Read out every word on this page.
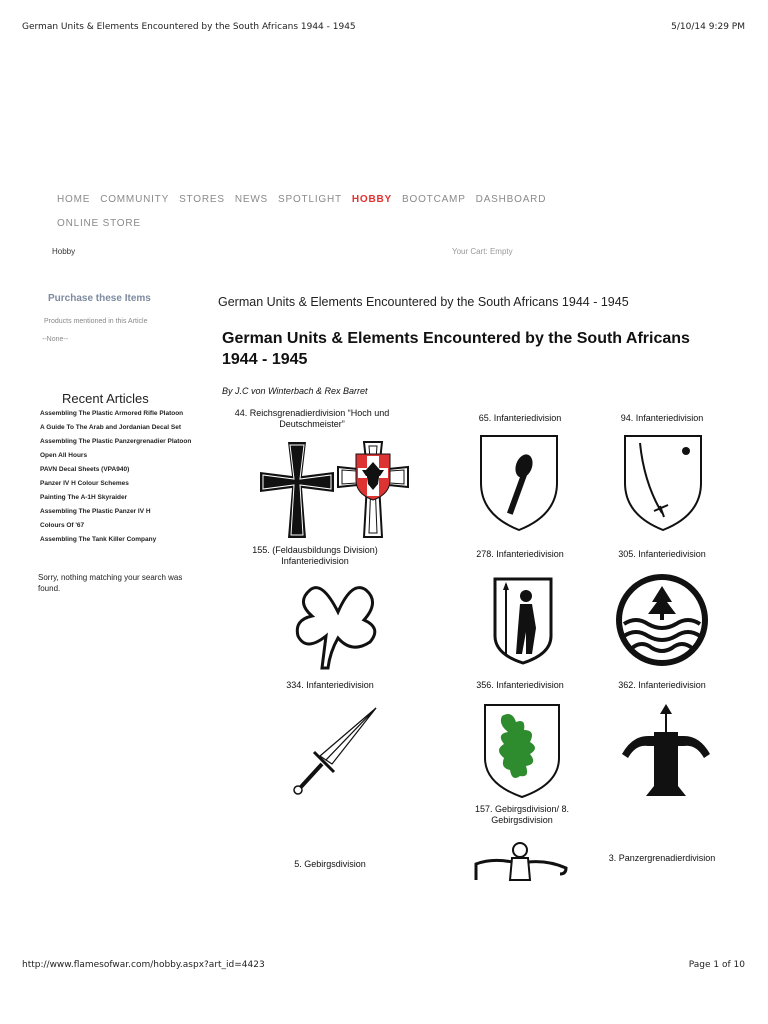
German Units & Elements Encountered by the South Africans 1944 - 1945	5/10/14 9:29 PM
HOME COMMUNITY STORES NEWS SPOTLIGHT HOBBY BOOTCAMP DASHBOARD
ONLINE STORE
Hobby	Your Cart: Empty
Purchase these Items
Products mentioned in this Article
--None--
Recent Articles
Assembling The Plastic Armored Rifle Platoon
A Guide To The Arab and Jordanian Decal Set
Assembling The Plastic Panzergrenadier Platoon
Open All Hours
PAVN Decal Sheets (VPA940)
Panzer IV H Colour Schemes
Painting The A-1H Skyraider
Assembling The Plastic Panzer IV H
Colours Of '67
Assembling The Tank Killer Company
Sorry, nothing matching your search was found.
German Units & Elements Encountered by the South Africans 1944 - 1945
German Units & Elements Encountered by the South Africans
1944 - 1945
By J.C von Winterbach & Rex Barret
44. Reichsgrenadierdivision “Hoch und Deutschmeister”
65. Infanteriedivision	94. Infanteriedivision
155. (Feldausbildungs Division) Infanteriedivision
278. Infanteriedivision	305. Infanteriedivision
334. Infanteriedivision	356. Infanteriedivision	362. Infanteriedivision
157. Gebirgsdivision/ 8. Gebirgsdivision
5. Gebirgsdivision
3. Panzergrenadierdivision
http://www.flamesofwar.com/hobby.aspx?art_id=4423	Page 1 of 10
